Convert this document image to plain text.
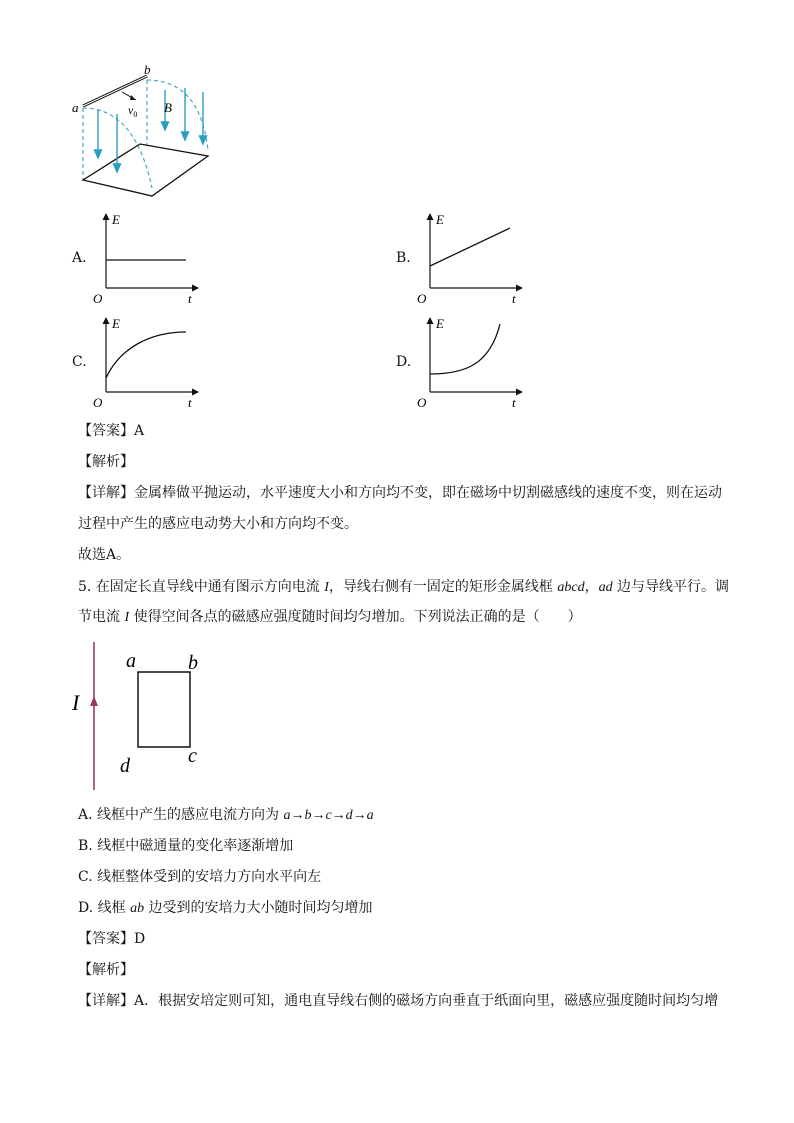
a
b
$v_0$ B
A.
E
t
O
B.
E
t
O
C.
E
t
O
D.
E
t
O
【答案】A
【解析】
【详解】金属棒做平抛运动，水平速度大小和方向均不变，即在磁场中切割磁感线的速度不变，则在运动
过程中产生的感应电动势大小和方向均不变。
故选A。
5. 在固定长直导线中通有图示方向电流 I，导线右侧有一固定的矩形金属线框 abcd，ad 边与导线平行。调
节电流 I 使得空间各点的磁感应强度随时间均匀增加。下列说法正确的是（　　）
I
a	b
c
d
A. 线框中产生的感应电流方向为 a→b→c→d→a
B. 线框中磁通量的变化率逐渐增加
C. 线框整体受到的安培力方向水平向左
D. 线框 ab 边受到的安培力大小随时间均匀增加
【答案】D
【解析】
【详解】A．根据安培定则可知，通电直导线右侧的磁场方向垂直于纸面向里，磁感应强度随时间均匀增
